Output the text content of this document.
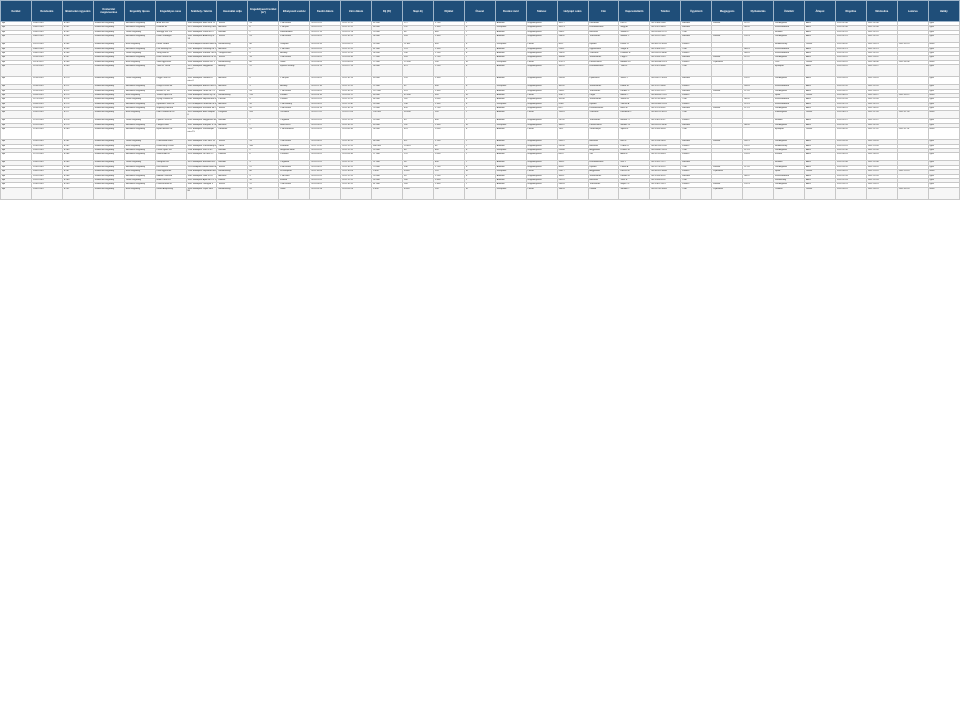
Kerület	Rendszám	Iktatószám ügyszám	Közterület megnevezése	Engedély típusa	Engedélyes neve	Székhely / lakcím	Használat célja	Engedélyezett terület (m²)	Elhelyezett eszköz	Kezdő dátum	Záró dátum	Díj (Ft)	Napi díj	Díjtétel	Övezet	Fizetési mód	Státusz	Helyrajzi szám	Cím	Kapcsolattartó	Telefon	Ügyintéző	Megjegyzés	Nyitvatartás	Üzletkör	Állapot	Rögzítve	Módosítva	Lezárva	Hatály
Bpl	103/0-2007	8.260	Közterület engedély	Időszakos engedély	Auto Éva Kft	1089 Budapest Róla utca 12	Terasz	33	2 db asztal	2011.01.01	2011.12.31	62 500	171	1.700	I.	Átutalás	Engedélyezett	36217	Kelenföld	Kiss P.	06-1/388-2060	Horváth	Fizetve	07-22	Vendéglátás	Aktív	2011.02.08	2011.02.08		Igen
Bpl	104/0-2007	8.261	Közterület engedély	Időszakos engedély	Kármán Bt	1075 Budapest Kazinczy utca 5	Árusítás	8	1 db pult	2011.01.01	2011.12.31	48 000	131	1.300	II.	Készpénz	Engedélyezett	34213	Erzsébetváros	Nagy A.	06-1/322-4455	Horváth		08-20	Kereskedelem	Aktív	2011.02.08	2011.02.08		Igen
Bpl	105/0-2007	8.262	Közterület engedély	Tartós engedély	Szilágyi Ker. Kft	1052 Budapest Petőfi tér 3	Reklám	2	Reklámtábla	2011.01.15	2012.01.14	24 000	66	660	I.	Átutalás	Engedélyezett	24411	Belváros	Szabó K.	06-20/355-1212	Tóth			Reklám	Aktív	2011.02.10	2011.02.10		Igen
Bpl	106/0-2007	8.263	Közterület engedély	Időszakos engedély	Deák Vendéglő	1061 Budapest Andrássy út 14	Terasz	24	6 db asztal	2011.03.01	2011.10.31	96 000	393	1.900	I.	Átutalás	Engedélyezett	28832	Terézváros	Molnár J.	06-1/411-2390	Horváth	Fizetve	10-23	Vendéglátás	Aktív	2011.02.14	2011.02.20		Igen
Bpl	107/0-2007	8.264	Közterület engedély	Eseti engedély	Fehér Gábor	1114 Budapest Bartók Béla út 22	Rendezvény	40	Színpad	2011.05.20	2011.05.22	35 000	11.667	950	II.	Készpénz	Lezárt	4021	Újbuda	Fehér G.	06-30/212-4545	Kovács			Rendezvény	Lezárt	2011.04.02	2011.05.23	2011.05.23	Nem
Bpl	108/0-2007	8.265	Közterület engedély	Időszakos engedély	Pék Műhely Kft	1137 Budapest Pozsonyi út 18	Árusítás	6	1 db hűtő	2011.02.01	2011.12.31	41 000	123	1.300	II.	Átutalás	Engedélyezett	25611	Újlipótváros	Varga É.	06-1/349-2112	Tóth		06-19	Kereskedelem	Aktív	2011.02.15	2011.02.15		Igen
Bpl	109/0-2007	8.266	Közterület engedély	Tartós engedély	Virág Bolt Bt	1027 Budapest Frankel Leó út 9	Virágárusítás	5	Állvány	2011.01.01	2011.12.31	36 500	100	1.100	II.	Átutalás	Engedélyezett	13452	Víziváros	Lakatos R.	06-20/411-9898	Kovács		08-18	Kereskedelem	Aktív	2011.02.16	2011.02.16		Igen
Bpl	110/0-2007	8.267	Közterület engedély	Időszakos engedély	Kávé Sarok Kft	1088 Budapest Rákóczi út 31	Terasz	18	4 db asztal	2011.04.01	2011.09.30	72 000	393	1.700	I.	Átutalás	Engedélyezett	36488	Józsefváros	Papp L.	06-1/266-1133	Horváth	Fizetve	07-22	Vendéglátás	Aktív	2011.03.01	2011.03.01		Igen
Bpl	111/0-2007	8.268	Közterület engedély	Eseti engedély	Zöld Egyesület	1094 Budapest Ferenc krt. 2	Rendezvény	60	Sátor	2011.06.05	2011.06.05	12 000	12.000	200	III.	Készpénz	Lezárt	37521	Ferencváros	Bodnár Zs.	06-30/998-2323	Kovács	Díjmentes		Civil	Lezárt	2011.05.10	2011.06.06	2011.06.06	Nem
Bpl	112/0-2007	8.269	Közterület engedély	Időszakos engedély	Tóth és Társa	1072 Budapest Nagydiófa utca 7	Állvány	12	Építési állvány	2011.03.15	2011.07.15	58 000	475	1.200	II.	Átutalás	Engedélyezett	34122	Erzsébetváros	Tóth B.	06-1/322-8080	Tóth			Építőipar	Aktív	2011.03.10	2011.03.12		Igen
Bpl	113/0-2007	8.270	Közterület engedély	Tartós engedély	Fagyi Pont Kft	1051 Budapest Október 6. utca 4	Árusítás	4	1 db pult	2011.04.01	2011.10.15	44 000	224	1.300	I.	Átutalás	Engedélyezett	24399	Lipótváros	Szűcs I.	06-20/677-4343	Horváth		10-22	Vendéglátás	Aktív	2011.03.18	2011.03.18		Igen
Bpl	114/0-2007	8.271	Közterület engedély	Időszakos engedély	Könyv Kuckó Bt	1085 Budapest Baross utca 11	Árusítás	3	Állvány	2011.01.10	2011.12.31	22 000	62	900	II.	Készpénz	Engedélyezett	36102	Józsefváros	Fodor M.	06-1/317-5656	Kovács		09-18	Kereskedelem	Aktív	2011.01.20	2011.01.20		Igen
Bpl	115/0-2007	8.272	Közterület engedély	Időszakos engedély	Bisztró 21 Kft	1066 Budapest Teréz krt. 21	Terasz	28	7 db asztal	2011.04.01	2011.10.31	112 000	523	1.900	I.	Átutalás	Engedélyezett	28911	Terézváros	Kardos V.	06-1/331-2121	Horváth	Fizetve	11-24	Vendéglátás	Aktív	2011.03.22	2011.03.25		Igen
Bpl	116/0-2007	8.273	Közterület engedély	Eseti engedély	Városi Sport Kft	1146 Budapest Dózsa Gy. út 1	Rendezvény	120	Kordon	2011.09.10	2011.09.11	84 000	42.000	350	III.	Átutalás	Lezárt	31877	Zugló	Bakos T.	06-30/455-7070	Kovács			Sport	Lezárt	2011.08.01	2011.09.12	2011.09.12	Nem
Bpl	117/0-2007	8.274	Közterület engedély	Tartós engedély	Újság Pavilon Bt	1081 Budapest Népszínház	Pavilon	9	Pavilon	2011.01.01	2011.12.31	66 000	181	2.000	II.	Átutalás	Engedélyezett	35200	Józsefváros	Szalai N.	06-1/210-3434	Tóth		06-20	Kereskedelem	Aktív	2011.01.05	2011.01.05		Igen
Bpl	118/0-2007	8.275	Közterület engedély	Időszakos engedély	Gyümölcs Kert Kft	1117 Budapest Fehérvári út 40	Árusítás	10	2 db állvány	2011.03.01	2011.11.30	54 000	198	1.300	II.	Készpénz	Engedélyezett	4188	Újbuda	Vincze Á.	06-20/365-1919	Kovács		07-19	Kereskedelem	Aktív	2011.02.25	2011.02.25		Igen
Bpl	119/0-2007	8.276	Közterület engedély	Időszakos engedély	Napfény Étterem	1013 Budapest Krisztina krt. 8	Terasz	20	5 db asztal	2011.04.15	2011.10.15	78 000	426	1.700	I.	Átutalás	Engedélyezett	6577	Krisztinaváros	Rácz E.	06-1/375-6262	Horváth	Fizetve	11-23	Vendéglátás	Aktív	2011.04.01	2011.04.01		Igen
Bpl	120/0-2007	8.277	Közterület engedély	Eseti engedély	Film Produkció Kft	1023 Budapest Bem rakpart 6	Forgatás	200	Technika	2011.07.02	2011.07.04	150 000	50.000	250	I.	Átutalás	Lezárt	13001	Víziváros	Kelemen D.	06-30/222-8181	Tóth			Filmforgatás	Lezárt	2011.06.15	2011.07.05	2011.07.05	Nem
Bpl	121/0-2007	8.278	Közterület engedély	Tartós engedély	Optika Plusz Bt	1065 Budapest Nagymező utc	Reklám	1	Cégtábla	2011.01.01	2011.12.31	18 000	49	600	I.	Átutalás	Engedélyezett	28702	Terézváros	Halász O.	06-1/302-4747	Kovács			Reklám	Aktív	2011.01.12	2011.01.12		Igen
Bpl	122/0-2007	8.279	Közterület engedély	Időszakos engedély	Lángos Büfé	1097 Budapest Könyves K. kr	Árusítás	7	Büfé kocsi	2011.03.01	2011.10.31	49 000	202	1.300	III.	Készpénz	Engedélyezett	38022	Ferencváros	Nemes G.	06-20/511-3636	Horváth		08-20	Vendéglátás	Aktív	2011.02.28	2011.02.28		Igen
Bpl	123/0-2007	8.280	Közterület engedély	Időszakos engedély	Építő Mester Kft	1122 Budapest Városmajor utca 15	Konténer	15	1 db konténer	2011.05.01	2011.06.30	38 000	623	1.000	II.	Átutalás	Lezárt	7811	Városmajor	Sipos H.	06-1/355-9595	Tóth			Építőipar	Lezárt	2011.04.20	2011.07.01	2011.07.01	Nem
Bpl	124/0-2007	8.281	Közterület engedély	Tartós engedély	Cukrászda Édes	1052 Budapest Váci utca 19	Terasz	14	3 db asztal	2011.04.01	2011.10.31	88 000	411	2.100	I.	Átutalás	Engedélyezett	24312	Belváros	Bíró F.	06-1/318-2828	Horváth	Fizetve	09-21	Vendéglátás	Aktív	2011.03.28	2011.03.28		Igen
Bpl	125/0-2007	8.282	Közterület engedély	Eseti engedély	Karácsonyi Vásár	1051 Budapest Vörösmarty tér	Vásár	350	Faházak	2011.11.20	2011.12.31	640 000	15.610	45	I.	Átutalás	Engedélyezett	24290	Belváros	Orbán S.	06-30/700-1010	Kovács		10-22	Rendezvény	Aktív	2011.10.01	2011.10.05		Igen
Bpl	126/0-2007	8.283	Közterület engedély	Időszakos engedély	Pizza Gyors Kft	1134 Budapest Váci út 42	Reklám	2	Megállító tábla	2011.02.01	2011.12.31	16 000	48	650	II.	Készpénz	Engedélyezett	25988	Angyalföld	Lukács B.	06-20/887-2424	Tóth		11-23	Vendéglátás	Aktív	2011.01.30	2011.01.30		Igen
Bpl	127/0-2007	8.284	Közterület engedély	Időszakos engedély	Galéria Art Bt	1014 Budapest Úri utca 12	Kiállítás	6	Paraván	2011.05.01	2011.09.30	27 000	176	1.000	I.	Átutalás	Engedélyezett	6410	Vár	Antal K.	06-1/212-6363	Kovács		10-18	Kultúra	Aktív	2011.04.18	2011.04.18		Igen
Bpl	128/0-2007	8.285	Közterület engedély	Tartós engedély	Zálogház Kft	1073 Budapest Erzsébet krt. 44	Reklám	3	Cégtábla	2011.01.01	2011.12.31	21 000	58	600	I.	Átutalás	Engedélyezett	34511	Erzsébetváros	Gál J.	06-1/351-7272	Horváth			Reklám	Aktív	2011.01.08	2011.01.08		Igen
Bpl	129/0-2007	8.286	Közterület engedély	Időszakos engedély	Kert Bisztró	1111 Budapest Bartók Béla út 9	Terasz	22	6 db asztal	2011.04.01	2011.10.31	74 000	346	1.700	II.	Átutalás	Engedélyezett	4009	Újbuda	Pintér A.	06-1/279-5151	Tóth	Fizetve	11-24	Vendéglátás	Aktív	2011.03.20	2011.03.20		Igen
Bpl	130/0-2007	8.287	Közterület engedély	Eseti engedély	Futó Egyesület	1138 Budapest Népfürdő utca 22	Rendezvény	80	Frissítőpont	2011.10.09	2011.10.09	9 000	9.000	120	III.	Készpénz	Lezárt	25677	Angyalföld	Kocsis M.	06-30/321-4848	Kovács	Díjmentes		Sport	Lezárt	2011.09.01	2011.10.10	2011.10.10	Nem
Bpl	131/0-2007	8.288	Közterület engedély	Időszakos engedély	Italbolt Centrum	1082 Budapest Üllői út 24	Árusítás	5	1 db hűtő	2011.02.01	2011.12.31	33 000	99	1.200	II.	Átutalás	Engedélyezett	36311	Józsefváros	Katona R.	06-1/333-9191	Horváth		08-22	Kereskedelem	Aktív	2011.01.28	2011.01.28		Igen
Bpl	132/0-2007	8.289	Közterület engedély	Tartós engedély	Hotel Duna Zrt	1052 Budapest Apáczai Cs. J.	Előtető	10	Előtető	2011.01.01	2011.12.31	95 000	260	2.600	I.	Átutalás	Engedélyezett	24201	Belváros	Vass E.	06-1/266-0101	Tóth			Szálláshely	Aktív	2011.01.03	2011.01.03		Igen
Bpl	133/0-2007	8.290	Közterület engedély	Időszakos engedély	Palacsintázó Bt	1067 Budapest Oktogon 3	Terasz	12	3 db asztal	2011.04.01	2011.10.31	61 000	285	1.900	I.	Átutalás	Engedélyezett	28955	Terézváros	Major Cs.	06-1/302-1515	Kovács	Fizetve	10-23	Vendéglátás	Aktív	2011.03.25	2011.03.25		Igen
Bpl	134/0-2007	8.291	Közterület engedély	Eseti engedély	Iskola Alapítvány	1036 Budapest Lajos utca 80	Rendezvény	45	Sátor	2011.05.28	2011.05.28	6 000	6.000	130	III.	Készpénz	Lezárt	18455	Óbuda	Sárközi T.	06-20/741-6565	Tóth	Díjmentes		Oktatás	Lezárt	2011.05.01	2011.05.29	2011.05.29	Nem
